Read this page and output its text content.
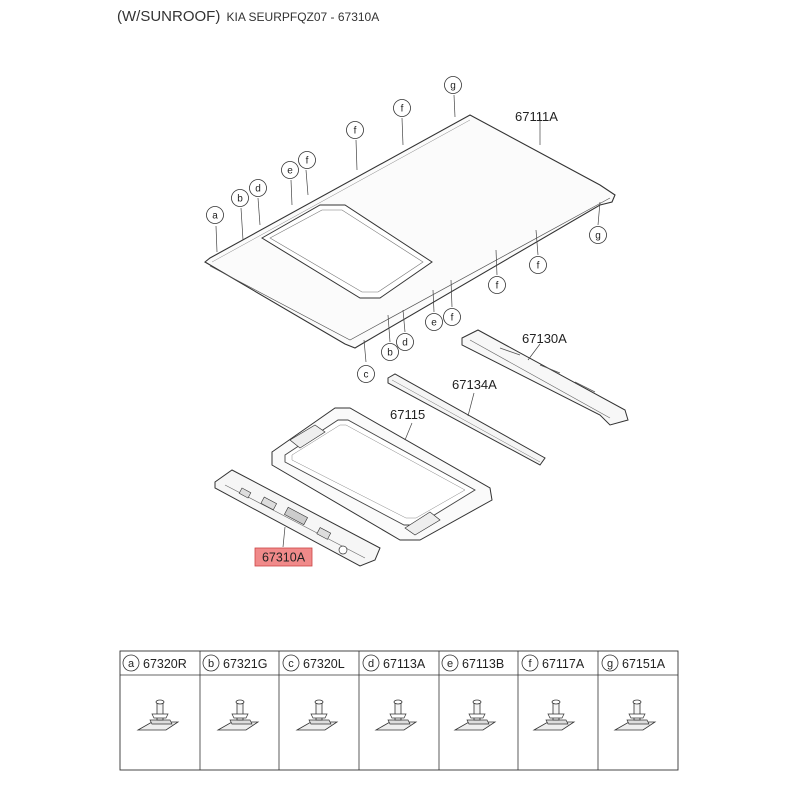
(W/SUNROOF) KIA SEURPFQZ07 - 67310A
a
b
d
e
f
f
f
g
g
f
f
f
e
d
b
c
67111A
67130A
67134A
67115
67310A
a 67320R b 67321G c 67320L d 67113A e 67113B f 67117A g 67151A
